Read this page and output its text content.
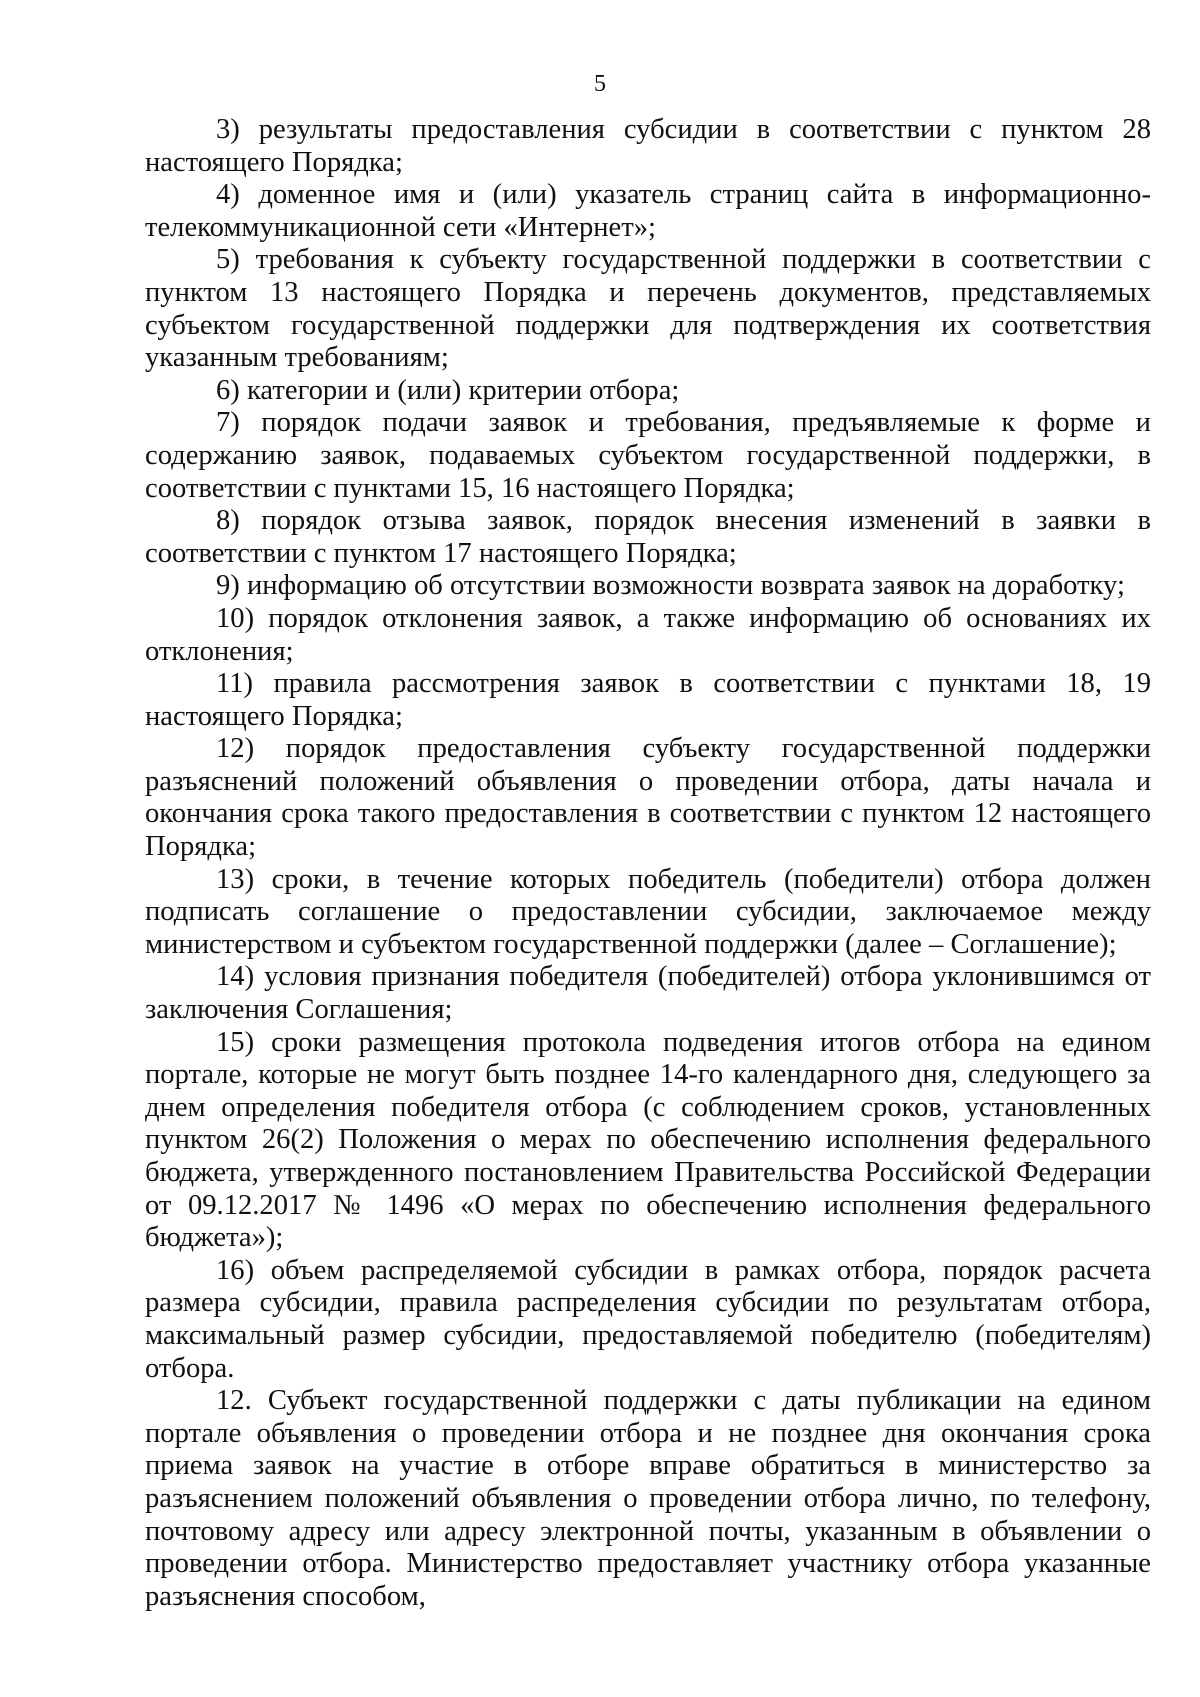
5

3) результаты предоставления субсидии в соответствии с пунктом 28 настоящего Порядка;

4) доменное имя и (или) указатель страниц сайта в информационно-телекоммуникационной сети «Интернет»;

5) требования к субъекту государственной поддержки в соответствии с пунктом 13 настоящего Порядка и перечень документов, представляемых субъектом государственной поддержки для подтверждения их соответствия указанным требованиям;

6) категории и (или) критерии отбора;

7) порядок подачи заявок и требования, предъявляемые к форме и содержанию заявок, подаваемых субъектом государственной поддержки, в соответствии с пунктами 15, 16 настоящего Порядка;

8) порядок отзыва заявок, порядок внесения изменений в заявки в соответствии с пунктом 17 настоящего Порядка;

9) информацию об отсутствии возможности возврата заявок на доработку;

10) порядок отклонения заявок, а также информацию об основаниях их отклонения;

11) правила рассмотрения заявок в соответствии с пунктами 18, 19 настоящего Порядка;

12) порядок предоставления субъекту государственной поддержки разъяснений положений объявления о проведении отбора, даты начала и окончания срока такого предоставления в соответствии с пунктом 12 настоящего Порядка;

13) сроки, в течение которых победитель (победители) отбора должен подписать соглашение о предоставлении субсидии, заключаемое между министерством и субъектом государственной поддержки (далее – Соглашение);

14) условия признания победителя (победителей) отбора уклонившимся от заключения Соглашения;

15) сроки размещения протокола подведения итогов отбора на едином портале, которые не могут быть позднее 14-го календарного дня, следующего за днем определения победителя отбора (с соблюдением сроков, установленных пунктом 26(2) Положения о мерах по обеспечению исполнения федерального бюджета, утвержденного постановлением Правительства Российской Федерации от 09.12.2017 № 1496 «О мерах по обеспечению исполнения федерального бюджета»);

16) объем распределяемой субсидии в рамках отбора, порядок расчета размера субсидии, правила распределения субсидии по результатам отбора, максимальный размер субсидии, предоставляемой победителю (победителям) отбора.

12. Субъект государственной поддержки с даты публикации на едином портале объявления о проведении отбора и не позднее дня окончания срока приема заявок на участие в отборе вправе обратиться в министерство за разъяснением положений объявления о проведении отбора лично, по телефону, почтовому адресу или адресу электронной почты, указанным в объявлении о проведении отбора. Министерство предоставляет участнику отбора указанные разъяснения способом,
